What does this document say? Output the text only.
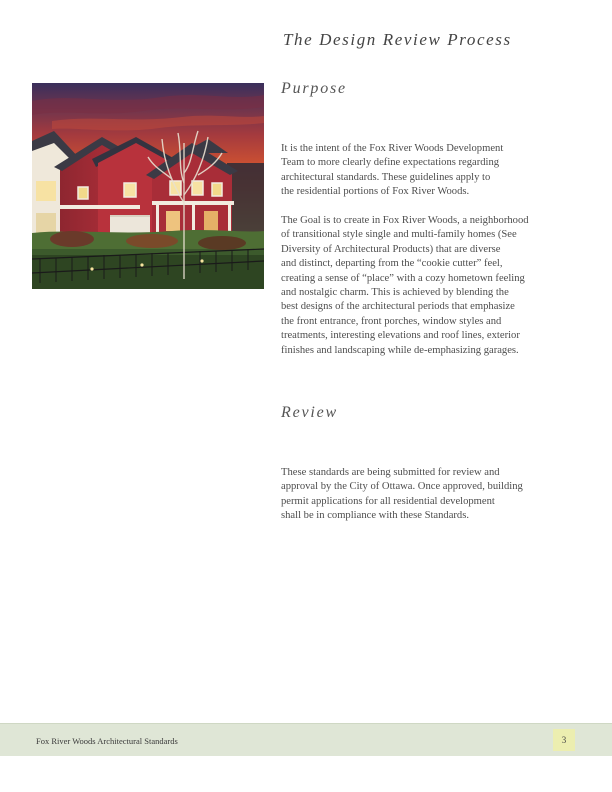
The Design Review Process
Purpose

It is the intent of the Fox River Woods Development
Team to more clearly define expectations regarding
architectural standards. These guidelines apply to
the residential portions of Fox River Woods.

The Goal is to create in Fox River Woods, a neighborhood
of transitional style single and multi-family homes (See
Diversity of Architectural Products) that are diverse
and distinct, departing from the “cookie cutter” feel,
creating a sense of “place” with a cozy hometown feeling
and nostalgic charm. This is achieved by blending the
best designs of the architectural periods that emphasize
the front entrance, front porches, window styles and
treatments, interesting elevations and roof lines, exterior
finishes and landscaping while de-emphasizing garages.

Review

These standards are being submitted for review and
approval by the City of Ottawa. Once approved, building
permit applications for all residential development
shall be in compliance with these Standards.

Fox River Woods Architectural Standards	3
